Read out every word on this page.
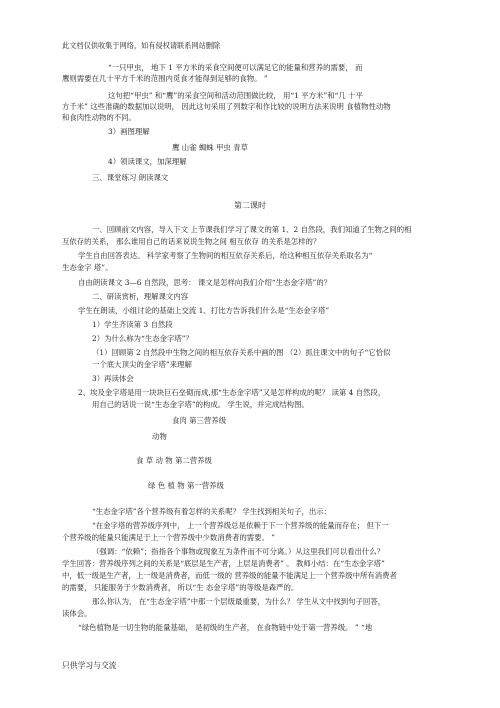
此文档仅供收集于网络，如有侵权请联系网站删除
“一只甲虫， 地下 1 平方米的采食空间便可以满足它的能量和营养的需要， 而
鹰则需要在几十平方千米的范围内觅食才能得到足够的食物。 ”
这句把“甲虫” 和“鹰”的采食空间和活动范围做比较， 用“1 平方米”和“几 十平
方千米” 这些准确的数据加以说明， 因此这句采用了列数字和作比较的说明方法来说明 食植物性动物
和食肉性动物的不同。
3）画图理解
鹰 山雀 蜘蛛 甲虫 青草
4）领读课文，加深理解
三、课堂练习 朗读课文
第二课时
一、回顾前文内容，导入下文 上节课我们学习了课文的第 1、2 自然段，我们知道了生物之间的相
互依存的关系， 那么谁用自己的话来说说生物之间 相互依存 的关系是怎样的？
学生自由回答表达。 科学家考察了生物间的相互依存关系后，给这种相互依存关系取名为“
生态金字 塔”。
自由朗读课文 3—6 自然段，思考： 课文是怎样向我们介绍“生态金字塔”的？
二、研读赏析，理解课文内容
学生在朗读，小组讨论的基础上交流 1、打比方告诉我们什么是“生态金字塔”
1）学生齐读第 3 自然段
2）为什么称为“生态金字塔”？
（1）回顾第 2 自然段中生物之间的相互依存关系中画的图 （2）抓住课文中的句子“它恰似
一个底大顶尖的金字塔”来理解
3）再读体会
2、埃及金字塔是用一块块巨石垒砌而成,那“生态金字塔”又是怎样构成的呢？ 读第 4 自然段，
用自己的话说一说“生态金字塔”的构成。 学生说，并完成结构图。
食肉 第三营养级
动物
食 草 动 物 第二营养级
绿 色 植 物 第一营养级
“生态金字塔”各个营养级有着怎样的关系呢？ 学生找到相关句子，出示：
“在金字塔的营养级序列中， 上一个营养级总是依赖于下一个营养级的能量而存在； 但下一
个营养级的能量只能满足于上一个营养级中少数消费者的需要。 ”
（强调：“依赖”；指指各个事物或现象互为条件而不可分离。）从这里我们可以看出什么？
学生回答：营养级序列之间的关系是“底层是生产者，上层是消费者” 。 教师小结：在“生态金字塔”
中，低一级是生产者，上一级是消费者，而低一级的 营养级的能量不能满足上一个营养级中所有消费者
的需要， 只能服务于少数消费者， 所以“生 态金字塔”的等级是森严的。
那么你认为， 在“生态金字塔”中那一个层级最重要，为什么？ 学生从文中找到句子回答，
读体会。
“绿色植物是一切生物的能量基础， 是初级的生产者， 在食物链中处于第一营养级。 ” “地
只供学习与交流
